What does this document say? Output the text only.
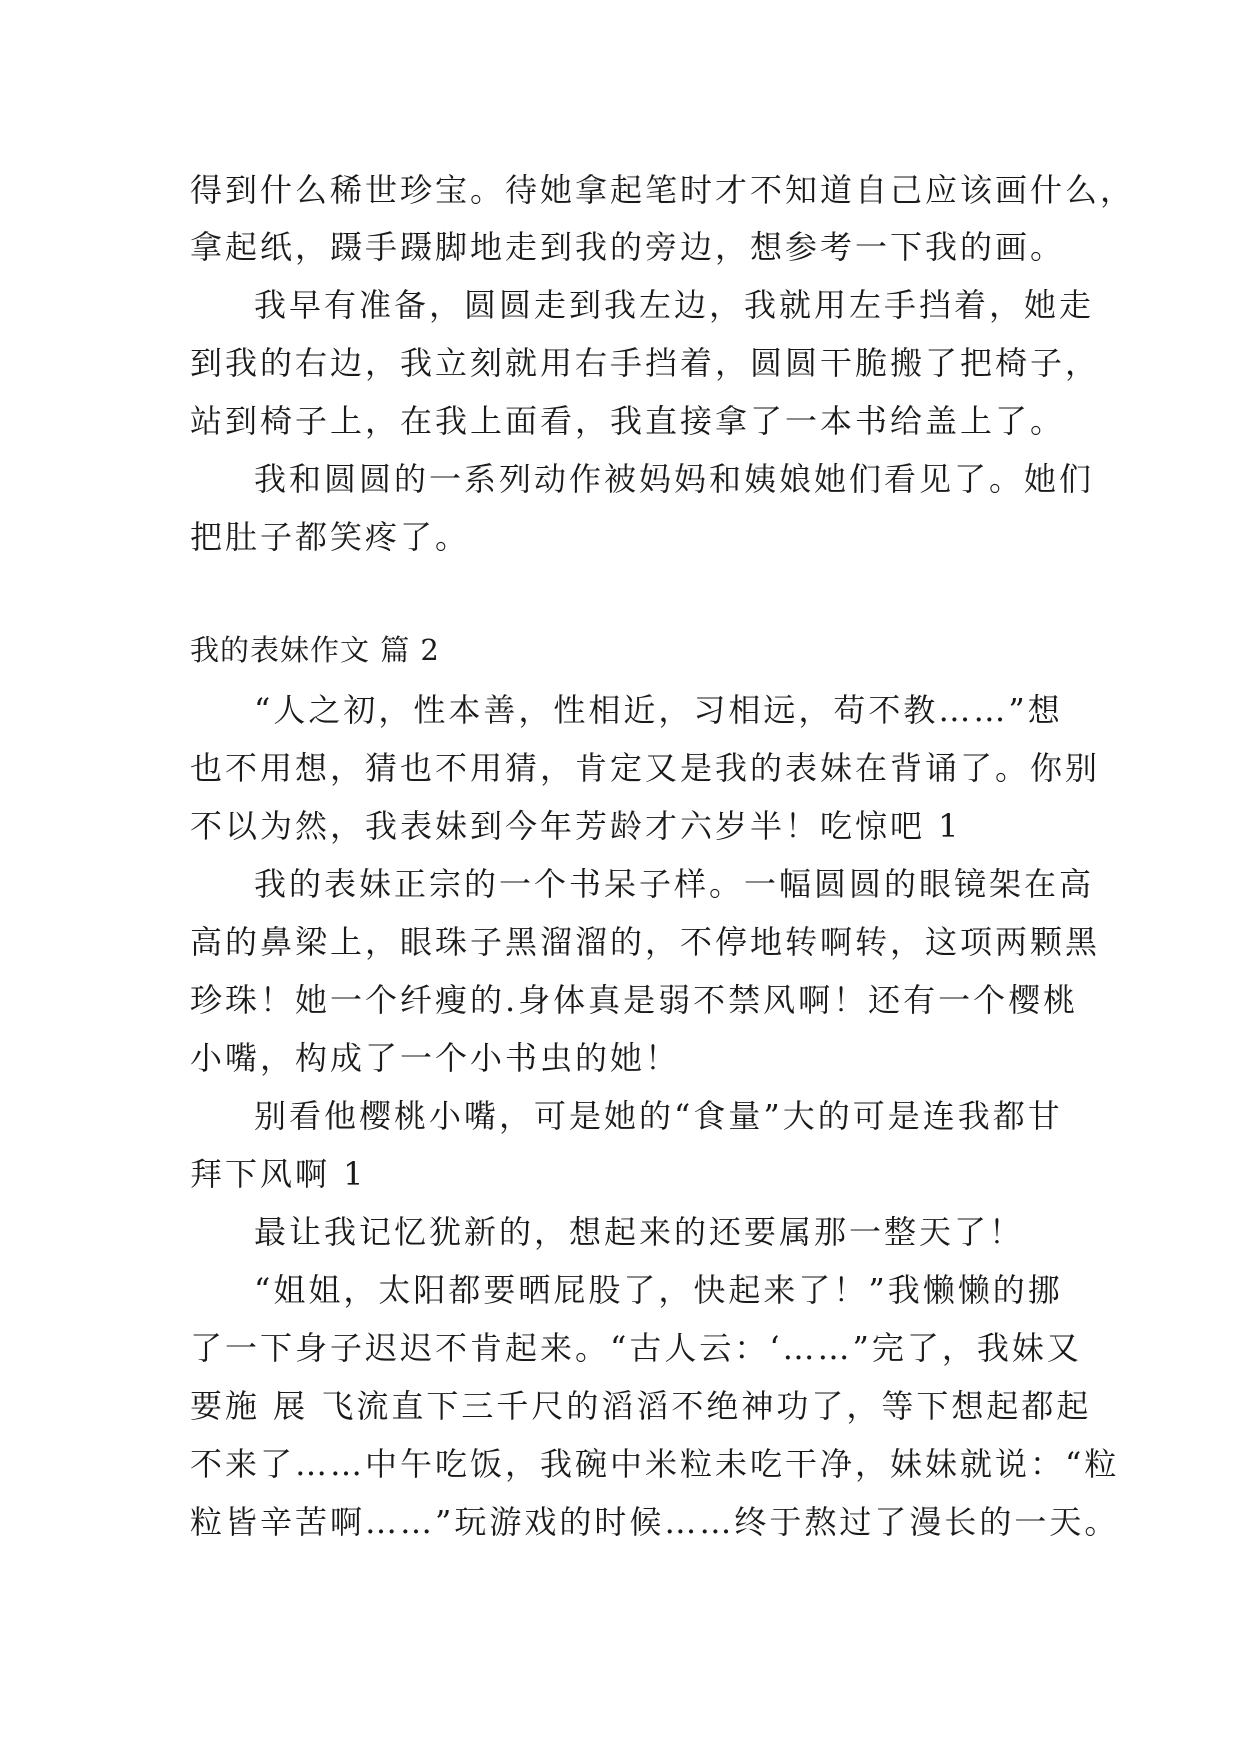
得到什么稀世珍宝。待她拿起笔时才不知道自己应该画什么，
拿起纸，蹑手蹑脚地走到我的旁边，想参考一下我的画。
我早有准备，圆圆走到我左边，我就用左手挡着，她走
到我的右边，我立刻就用右手挡着，圆圆干脆搬了把椅子，
站到椅子上，在我上面看，我直接拿了一本书给盖上了。
我和圆圆的一系列动作被妈妈和姨娘她们看见了。她们
把肚子都笑疼了。
我的表妹作文 篇 2
“人之初，性本善，性相近，习相远，苟不教……”想
也不用想，猜也不用猜，肯定又是我的表妹在背诵了。你别
不以为然，我表妹到今年芳龄才六岁半！吃惊吧 1
我的表妹正宗的一个书呆子样。一幅圆圆的眼镜架在高
高的鼻梁上，眼珠子黑溜溜的，不停地转啊转，这项两颗黑
珍珠！她一个纤瘦的.身体真是弱不禁风啊！还有一个樱桃
小嘴，构成了一个小书虫的她！
别看他樱桃小嘴，可是她的“食量”大的可是连我都甘
拜下风啊 1
最让我记忆犹新的，想起来的还要属那一整天了！
“姐姐，太阳都要晒屁股了，快起来了！”我懒懒的挪
了一下身子迟迟不肯起来。“古人云：‘……”完了，我妹又
要施 展 飞流直下三千尺的滔滔不绝神功了，等下想起都起
不来了……中午吃饭，我碗中米粒未吃干净，妹妹就说：“粒
粒皆辛苦啊……”玩游戏的时候……终于熬过了漫长的一天。
